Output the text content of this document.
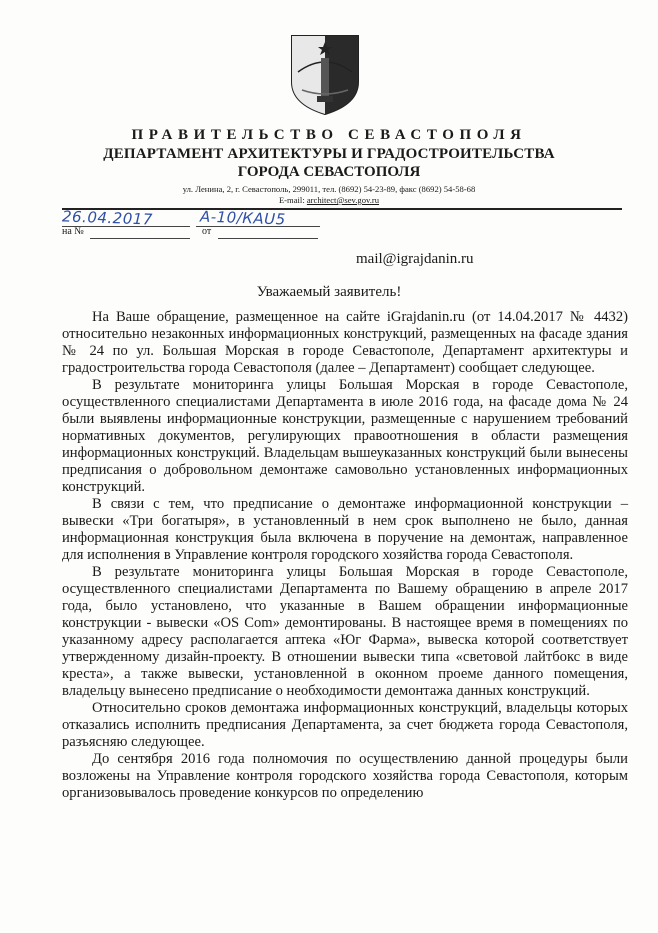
ПРАВИТЕЛЬСТВО СЕВАСТОПОЛЯ
ДЕПАРТАМЕНТ АРХИТЕКТУРЫ И ГРАДОСТРОИТЕЛЬСТВА
ГОРОДА СЕВАСТОПОЛЯ
ул. Ленина, 2, г. Севастополь, 299011, тел. (8692) 54-23-89, факс (8692) 54-58-68
E-mail: architect@sev.gov.ru
26.04.2017	А-10/КАU5
на №	от
mail@igrajdanin.ru
Уважаемый заявитель!

На Ваше обращение, размещенное на сайте iGrajdanin.ru (от 14.04.2017 № 4432) относительно незаконных информационных конструкций, размещенных на фасаде здания № 24 по ул. Большая Морская в городе Севастополе, Департамент архитектуры и градостроительства города Севастополя (далее – Департамент) сообщает следующее.

В результате мониторинга улицы Большая Морская в городе Севастополе, осуществленного специалистами Департамента в июле 2016 года, на фасаде дома № 24 были выявлены информационные конструкции, размещенные с нарушением требований нормативных документов, регулирующих правоотношения в области размещения информационных конструкций. Владельцам вышеуказанных конструкций были вынесены предписания о добровольном демонтаже самовольно установленных информационных конструкций.

В связи с тем, что предписание о демонтаже информационной конструкции – вывески «Три богатыря», в установленный в нем срок выполнено не было, данная информационная конструкция была включена в поручение на демонтаж, направленное для исполнения в Управление контроля городского хозяйства города Севастополя.

В результате мониторинга улицы Большая Морская в городе Севастополе, осуществленного специалистами Департамента по Вашему обращению в апреле 2017 года, было установлено, что указанные в Вашем обращении информационные конструкции - вывески «OS Com» демонтированы. В настоящее время в помещениях по указанному адресу располагается аптека «Юг Фарма», вывеска которой соответствует утвержденному дизайн-проекту. В отношении вывески типа «световой лайтбокс в виде креста», а также вывески, установленной в оконном проеме данного помещения, владельцу вынесено предписание о необходимости демонтажа данных конструкций.

Относительно сроков демонтажа информационных конструкций, владельцы которых отказались исполнить предписания Департамента, за счет бюджета города Севастополя, разъясняю следующее.

До сентября 2016 года полномочия по осуществлению данной процедуры были возложены на Управление контроля городского хозяйства города Севастополя, которым организовывалось проведение конкурсов по определению
